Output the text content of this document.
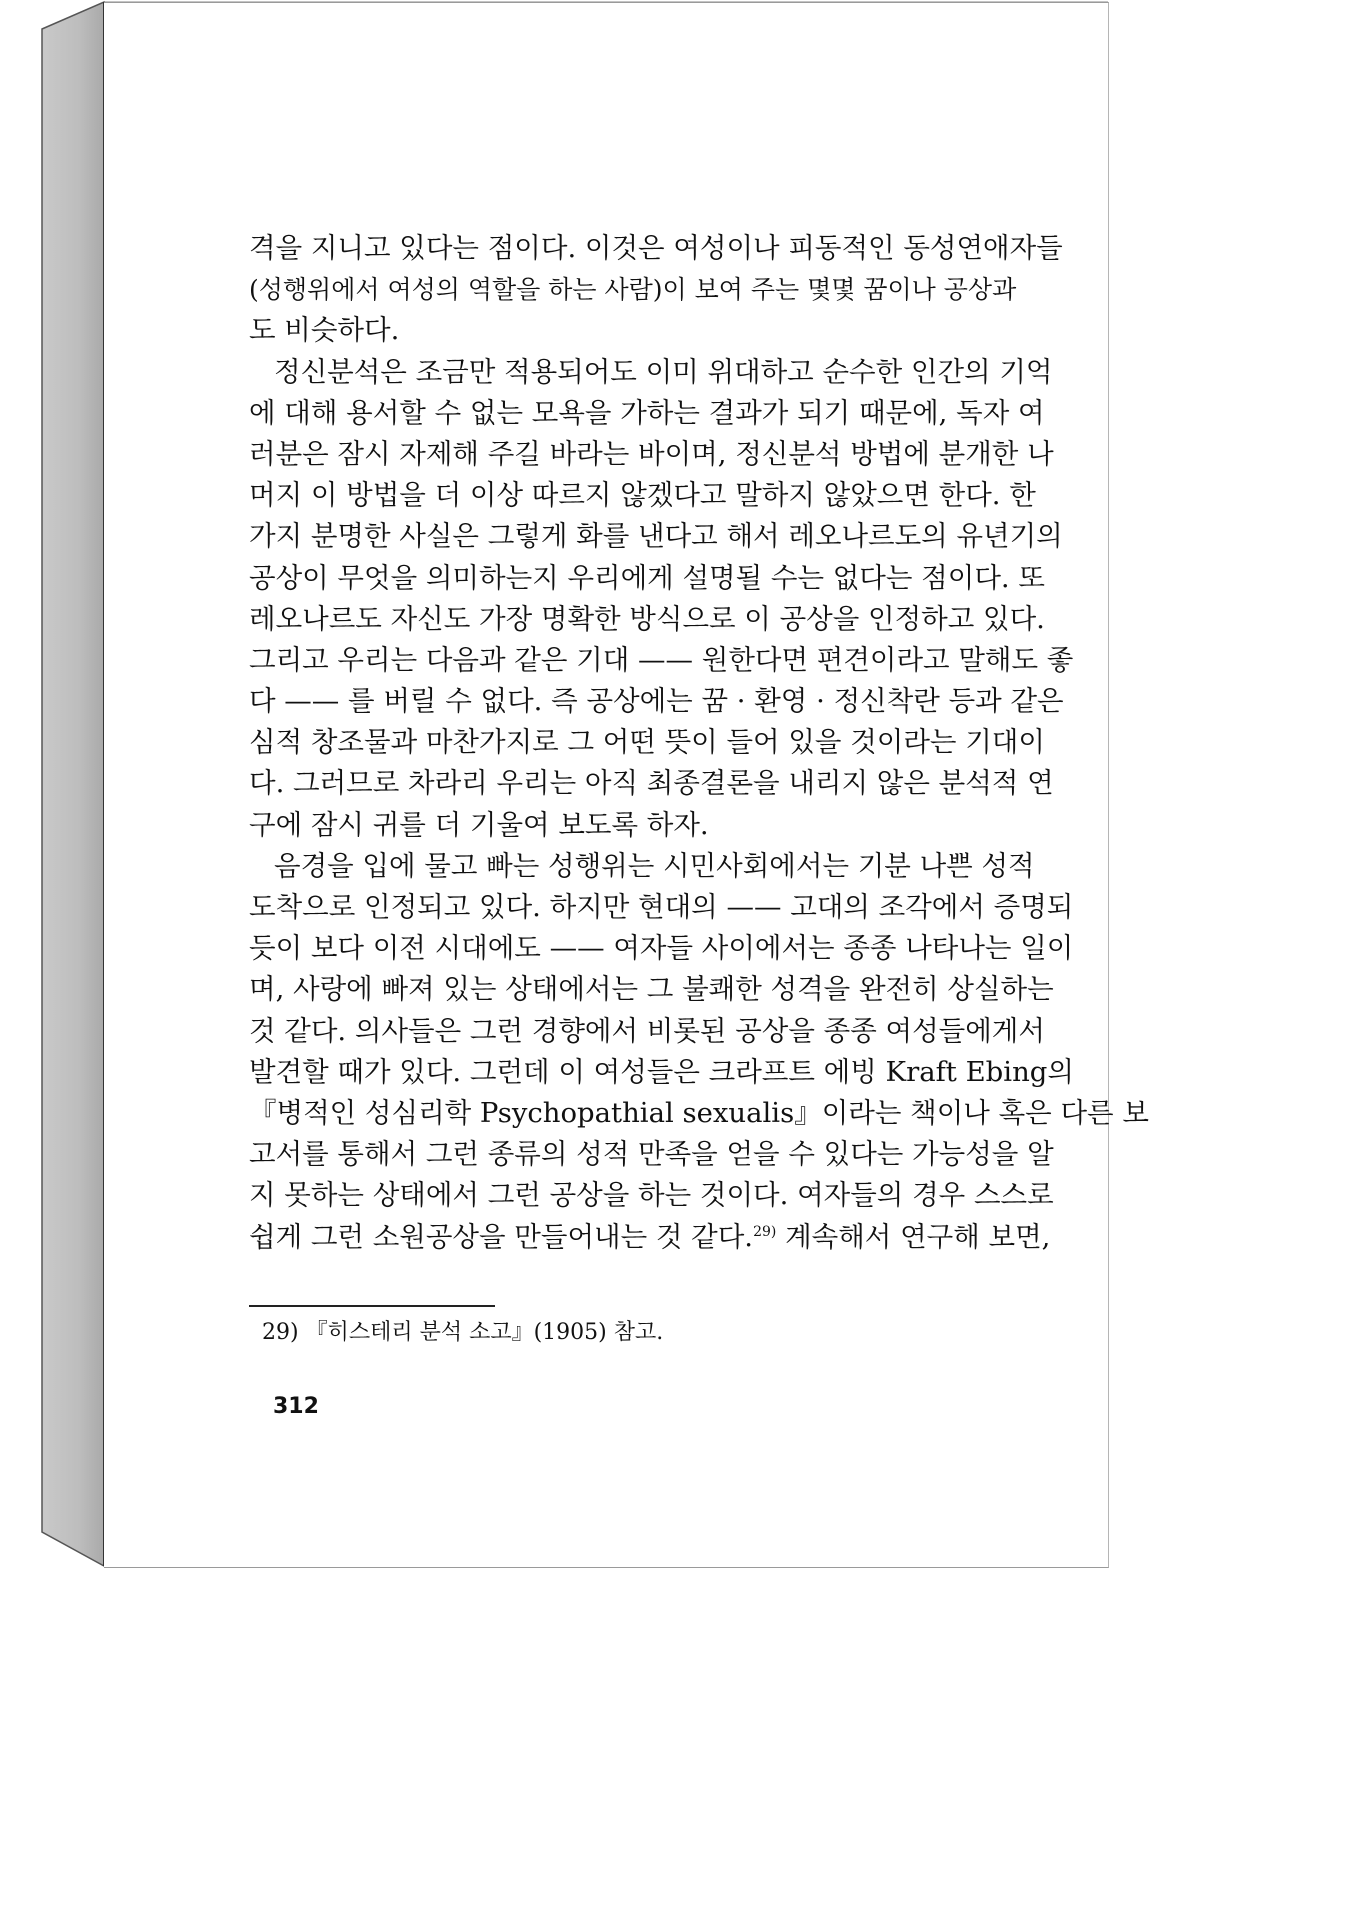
격을 지니고 있다는 점이다. 이것은 여성이나 피동적인 동성연애자들
(성행위에서 여성의 역할을 하는 사람)이 보여 주는 몇몇 꿈이나 공상과
도 비슷하다.
정신분석은 조금만 적용되어도 이미 위대하고 순수한 인간의 기억
에 대해 용서할 수 없는 모욕을 가하는 결과가 되기 때문에, 독자 여
러분은 잠시 자제해 주길 바라는 바이며, 정신분석 방법에 분개한 나
머지 이 방법을 더 이상 따르지 않겠다고 말하지 않았으면 한다. 한
가지 분명한 사실은 그렇게 화를 낸다고 해서 레오나르도의 유년기의
공상이 무엇을 의미하는지 우리에게 설명될 수는 없다는 점이다. 또
레오나르도 자신도 가장 명확한 방식으로 이 공상을 인정하고 있다.
그리고 우리는 다음과 같은 기대 —— 원한다면 편견이라고 말해도 좋
다 —— 를 버릴 수 없다. 즉 공상에는 꿈 · 환영 · 정신착란 등과 같은
심적 창조물과 마찬가지로 그 어떤 뜻이 들어 있을 것이라는 기대이
다. 그러므로 차라리 우리는 아직 최종결론을 내리지 않은 분석적 연
구에 잠시 귀를 더 기울여 보도록 하자.
음경을 입에 물고 빠는 성행위는 시민사회에서는 기분 나쁜 성적
도착으로 인정되고 있다. 하지만 현대의 —— 고대의 조각에서 증명되
듯이 보다 이전 시대에도 —— 여자들 사이에서는 종종 나타나는 일이
며, 사랑에 빠져 있는 상태에서는 그 불쾌한 성격을 완전히 상실하는
것 같다. 의사들은 그런 경향에서 비롯된 공상을 종종 여성들에게서
발견할 때가 있다. 그런데 이 여성들은 크라프트 에빙 Kraft Ebing의
『병적인 성심리학 Psychopathial sexualis』이라는 책이나 혹은 다른 보
고서를 통해서 그런 종류의 성적 만족을 얻을 수 있다는 가능성을 알
지 못하는 상태에서 그런 공상을 하는 것이다. 여자들의 경우 스스로
쉽게 그런 소원공상을 만들어내는 것 같다.$^{29)}$ 계속해서 연구해 보면,
29) 『히스테리 분석 소고』(1905) 참고.
312
